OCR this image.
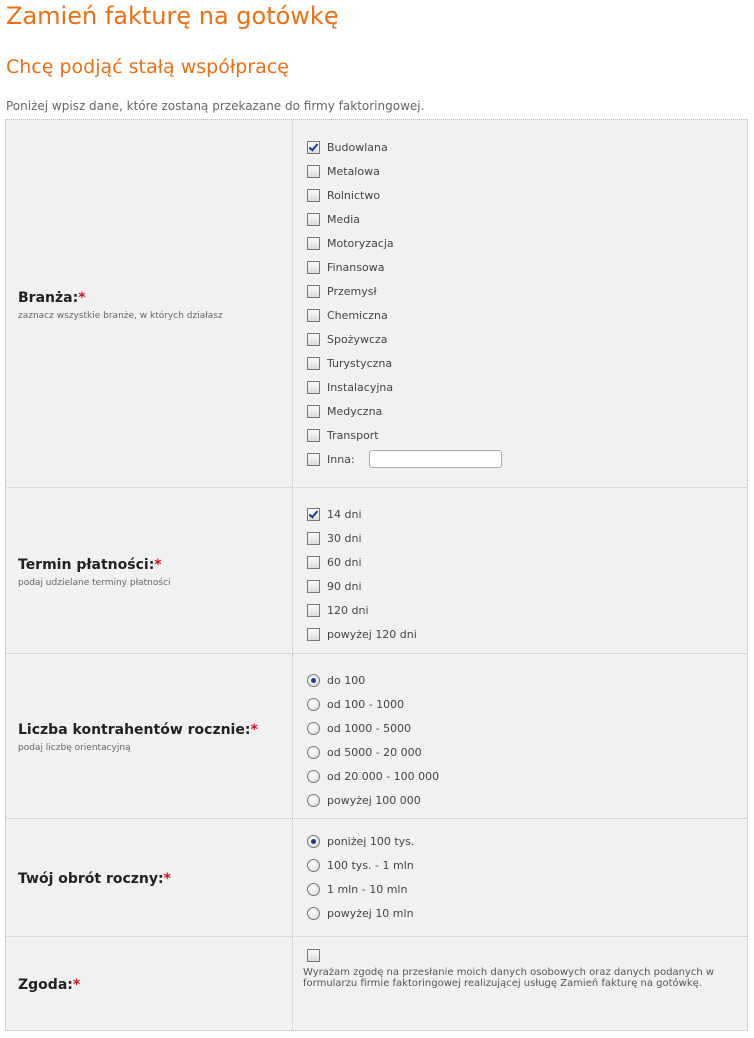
Zamień fakturę na gotówkę
Chcę podjąć stałą współpracę

Poniżej wpisz dane, które zostaną przekazane do firmy faktoringowej.

Branża:*
zaznacz wszystkie branże, w których działasz
Budowlana
Metalowa
Rolnictwo
Media
Motoryzacja
Finansowa
Przemysł
Chemiczna
Spożywcza
Turystyczna
Instalacyjna
Medyczna
Transport
Inna:
Termin płatności:*
podaj udzielane terminy płatności
14 dni
30 dni
60 dni
90 dni
120 dni
powyżej 120 dni
Liczba kontrahentów rocznie:*
podaj liczbę orientacyjną
do 100
od 100 - 1000
od 1000 - 5000
od 5000 - 20 000
od 20 000 - 100 000
powyżej 100 000
Twój obrót roczny:*
poniżej 100 tys.
100 tys. - 1 mln
1 mln - 10 mln
powyżej 10 mln
Zgoda:*
Wyrażam zgodę na przesłanie moich danych osobowych oraz danych podanych w formularzu firmie faktoringowej realizującej usługę Zamień fakturę na gotówkę.
